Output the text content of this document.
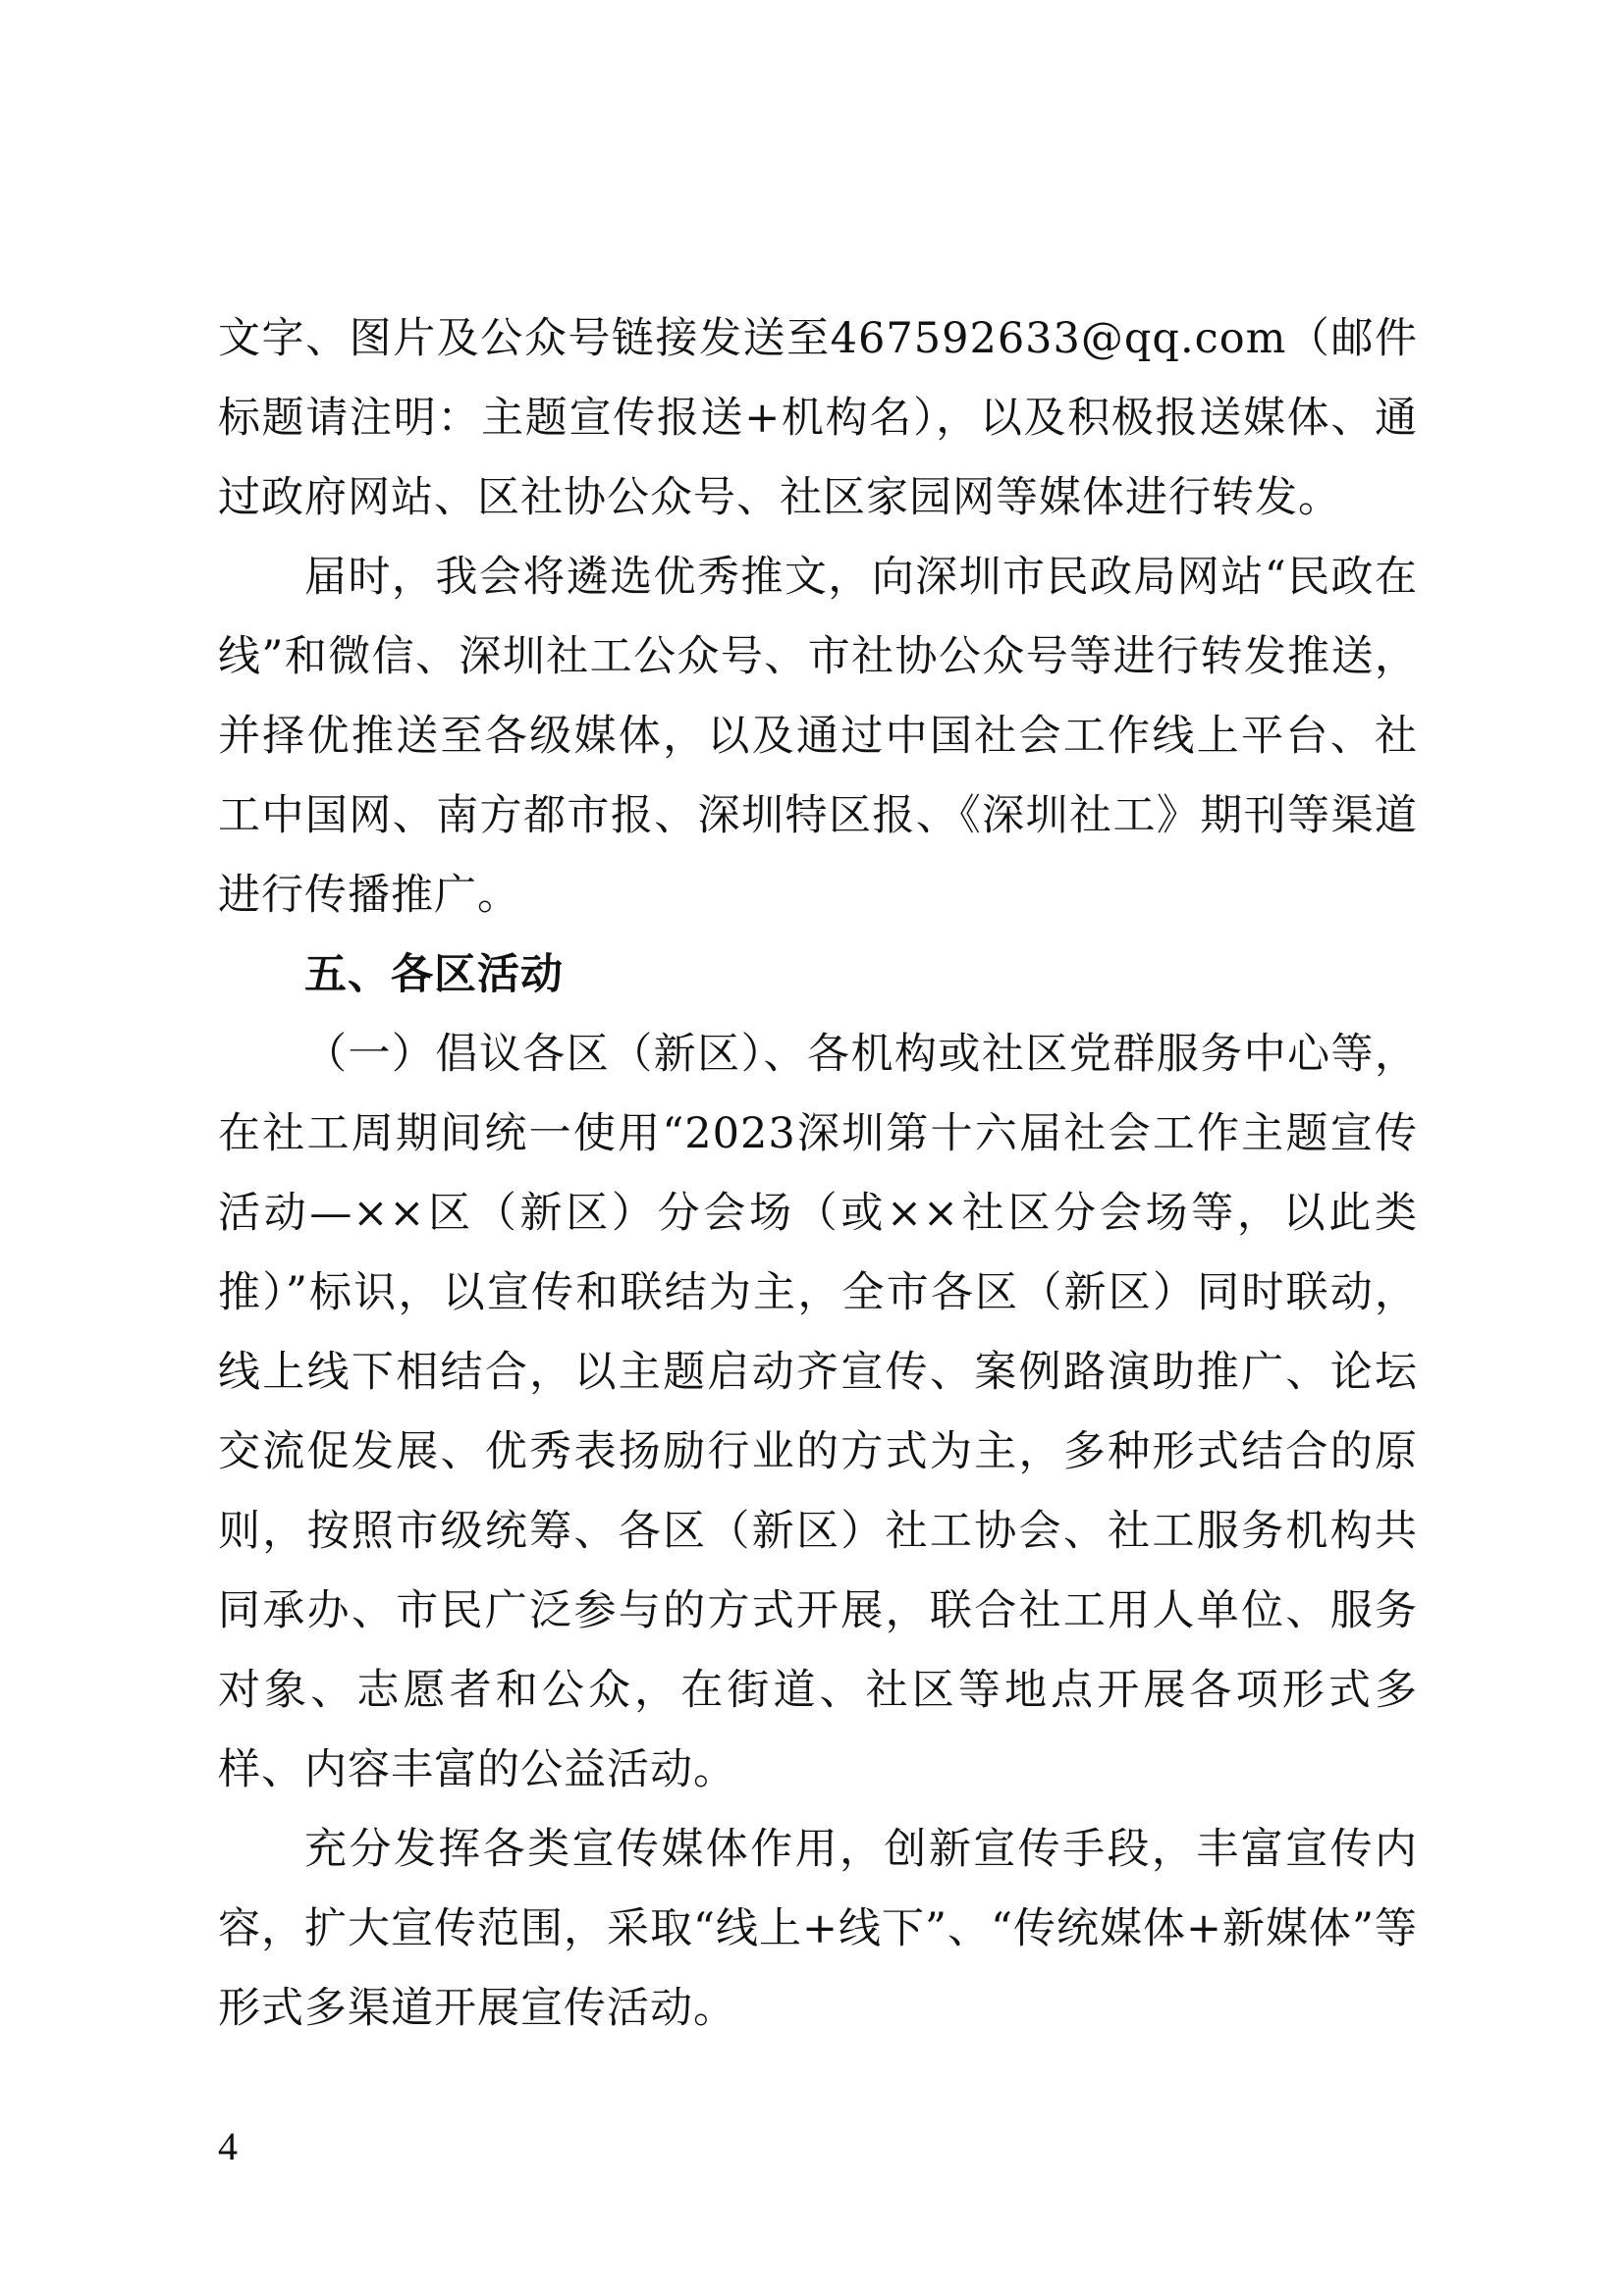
文字、图片及公众号链接发送至467592633@qq.com（邮件标题请注明：主题宣传报送+机构名），以及积极报送媒体、通过政府网站、区社协公众号、社区家园网等媒体进行转发。

届时，我会将遴选优秀推文，向深圳市民政局网站“民政在线”和微信、深圳社工公众号、市社协公众号等进行转发推送，并择优推送至各级媒体，以及通过中国社会工作线上平台、社工中国网、南方都市报、深圳特区报、《深圳社工》期刊等渠道进行传播推广。

五、各区活动

（一）倡议各区（新区）、各机构或社区党群服务中心等，在社工周期间统一使用“2023深圳第十六届社会工作主题宣传活动—××区（新区）分会场（或××社区分会场等，以此类推）”标识，以宣传和联结为主，全市各区（新区）同时联动，线上线下相结合，以主题启动齐宣传、案例路演助推广、论坛交流促发展、优秀表扬励行业的方式为主，多种形式结合的原则，按照市级统筹、各区（新区）社工协会、社工服务机构共同承办、市民广泛参与的方式开展，联合社工用人单位、服务对象、志愿者和公众，在街道、社区等地点开展各项形式多样、内容丰富的公益活动。

充分发挥各类宣传媒体作用，创新宣传手段，丰富宣传内容，扩大宣传范围，采取“线上+线下”、“传统媒体+新媒体”等形式多渠道开展宣传活动。

4
